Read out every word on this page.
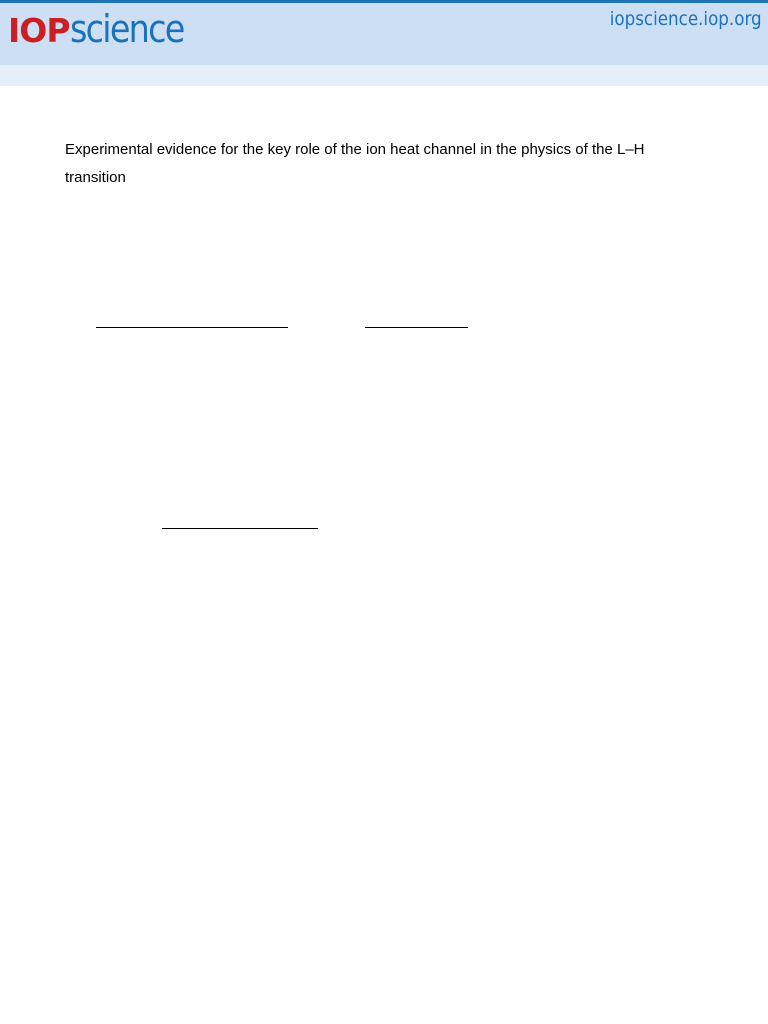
IOPscience	iopscience.iop.org
Experimental evidence for the key role of the ion heat channel in the physics of the L–H transition
